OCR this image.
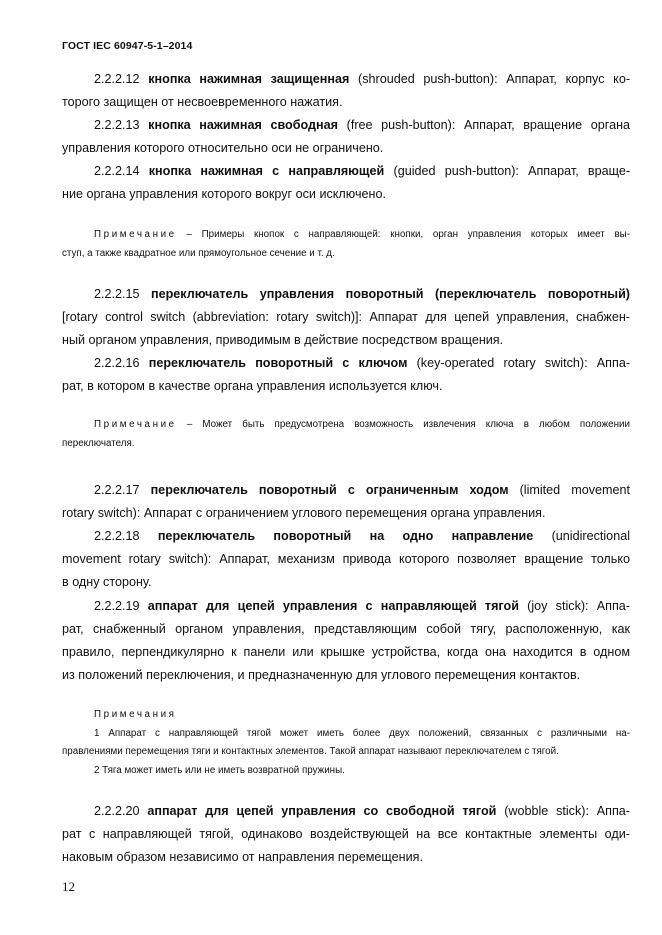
ГОСТ IEC 60947-5-1–2014
2.2.2.12 кнопка нажимная защищенная (shrouded push-button): Аппарат, корпус ко-
торого защищен от несвоевременного нажатия.
2.2.2.13 кнопка нажимная свободная (free push-button): Аппарат, вращение органа
управления которого относительно оси не ограничено.
2.2.2.14 кнопка нажимная с направляющей (guided push-button): Аппарат, враще-
ние органа управления которого вокруг оси исключено.
Примечание – Примеры кнопок с направляющей: кнопки, орган управления которых имеет вы-
ступ, а также квадратное или прямоугольное сечение и т. д.
2.2.2.15 переключатель управления поворотный (переключатель поворотный)
[rotary control switch (abbreviation: rotary switch)]: Аппарат для цепей управления, снабжен-
ный органом управления, приводимым в действие посредством вращения.
2.2.2.16 переключатель поворотный с ключом (key-operated rotary switch): Аппа-
рат, в котором в качестве органа управления используется ключ.
Примечание – Может быть предусмотрена возможность извлечения ключа в любом положении
переключателя.
2.2.2.17 переключатель поворотный с ограниченным ходом (limited movement
rotary switch): Аппарат с ограничением углового перемещения органа управления.
2.2.2.18 переключатель поворотный на одно направление (unidirectional
movement rotary switch): Аппарат, механизм привода которого позволяет вращение только
в одну сторону.
2.2.2.19 аппарат для цепей управления с направляющей тягой (joy stick): Аппа-
рат, снабженный органом управления, представляющим собой тягу, расположенную, как
правило, перпендикулярно к панели или крышке устройства, когда она находится в одном
из положений переключения, и предназначенную для углового перемещения контактов.
Примечания
1 Аппарат с направляющей тягой может иметь более двух положений, связанных с различными на-
правлениями перемещения тяги и контактных элементов. Такой аппарат называют переключателем с тягой.
2 Тяга может иметь или не иметь возвратной пружины.
2.2.2.20 аппарат для цепей управления со свободной тягой (wobble stick): Аппа-
рат с направляющей тягой, одинаково воздействующей на все контактные элементы оди-
наковым образом независимо от направления перемещения.
12
